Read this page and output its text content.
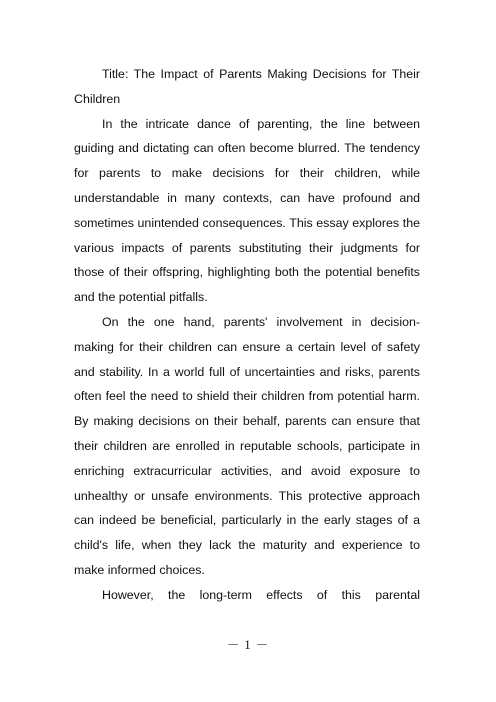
Title: The Impact of Parents Making Decisions for Their Children

In the intricate dance of parenting, the line between guiding and dictating can often become blurred. The tendency for parents to make decisions for their children, while understandable in many contexts, can have profound and sometimes unintended consequences. This essay explores the various impacts of parents substituting their judgments for those of their offspring, highlighting both the potential benefits and the potential pitfalls.

On the one hand, parents' involvement in decision-making for their children can ensure a certain level of safety and stability. In a world full of uncertainties and risks, parents often feel the need to shield their children from potential harm. By making decisions on their behalf, parents can ensure that their children are enrolled in reputable schools, participate in enriching extracurricular activities, and avoid exposure to unhealthy or unsafe environments. This protective approach can indeed be beneficial, particularly in the early stages of a child's life, when they lack the maturity and experience to make informed choices.

However, the long-term effects of this parental

－ 1 －
